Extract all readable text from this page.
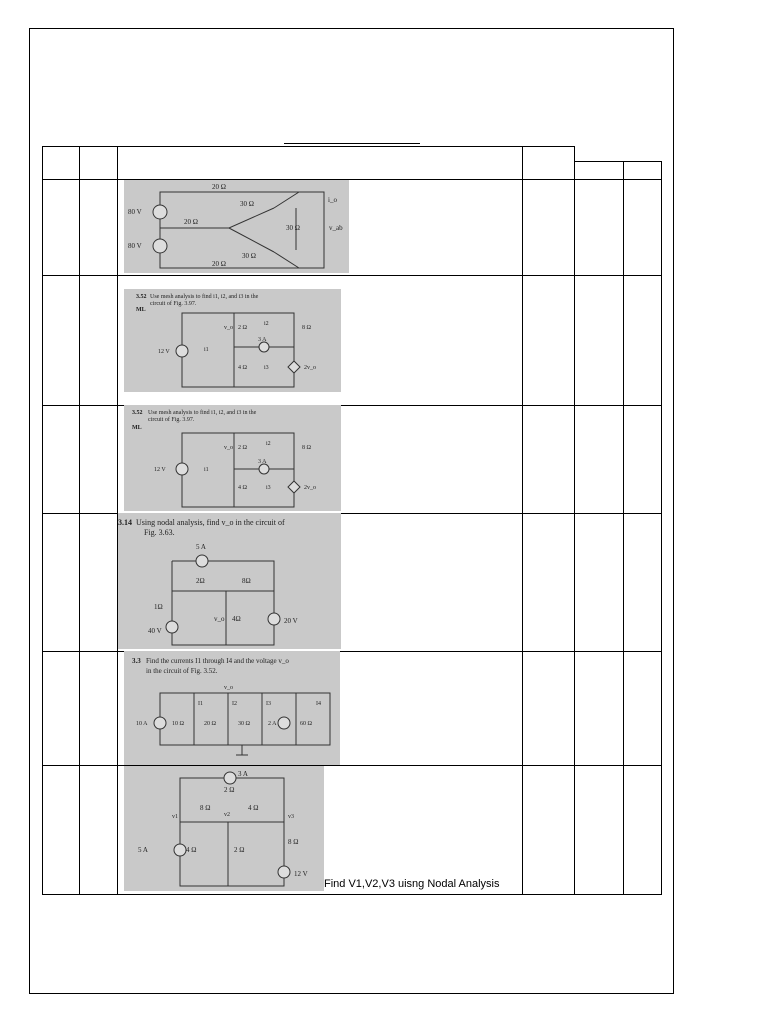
20 Ω
30 Ω
20 Ω
30 Ω
30 Ω
20 Ω
80 V
80 V
i_o
v_ab
3.52 Use mesh analysis to find i1, i2, and i3 in the
circuit of Fig. 3.97.
ML
2 Ω	8 Ω
4 Ω
12 V
3 A
2v_o
v_o
i1
i2
i3
3.52 Use mesh analysis to find i1, i2, and i3 in the
circuit of Fig. 3.97.
ML
2 Ω	8 Ω
4 Ω
12 V
3 A
2v_o
v_o
i1
i2
i3
3.14 Using nodal analysis, find v_o in the circuit of
Fig. 3.63.
5 A
2Ω	8Ω
1Ω
4Ω
40 V
20 V
v_o
3.3 Find the currents I1 through I4 and the voltage v_o
in the circuit of Fig. 3.52.
10 A	10 Ω	20 Ω	30 Ω	2 A	60 Ω
v_o
I1	I2	I3	I4
3 A
2 Ω
8 Ω	4 Ω
v1	v2	v3
5 A	4 Ω	2 Ω
8 Ω
12 V
Find V1,V2,V3 uisng Nodal Analysis
